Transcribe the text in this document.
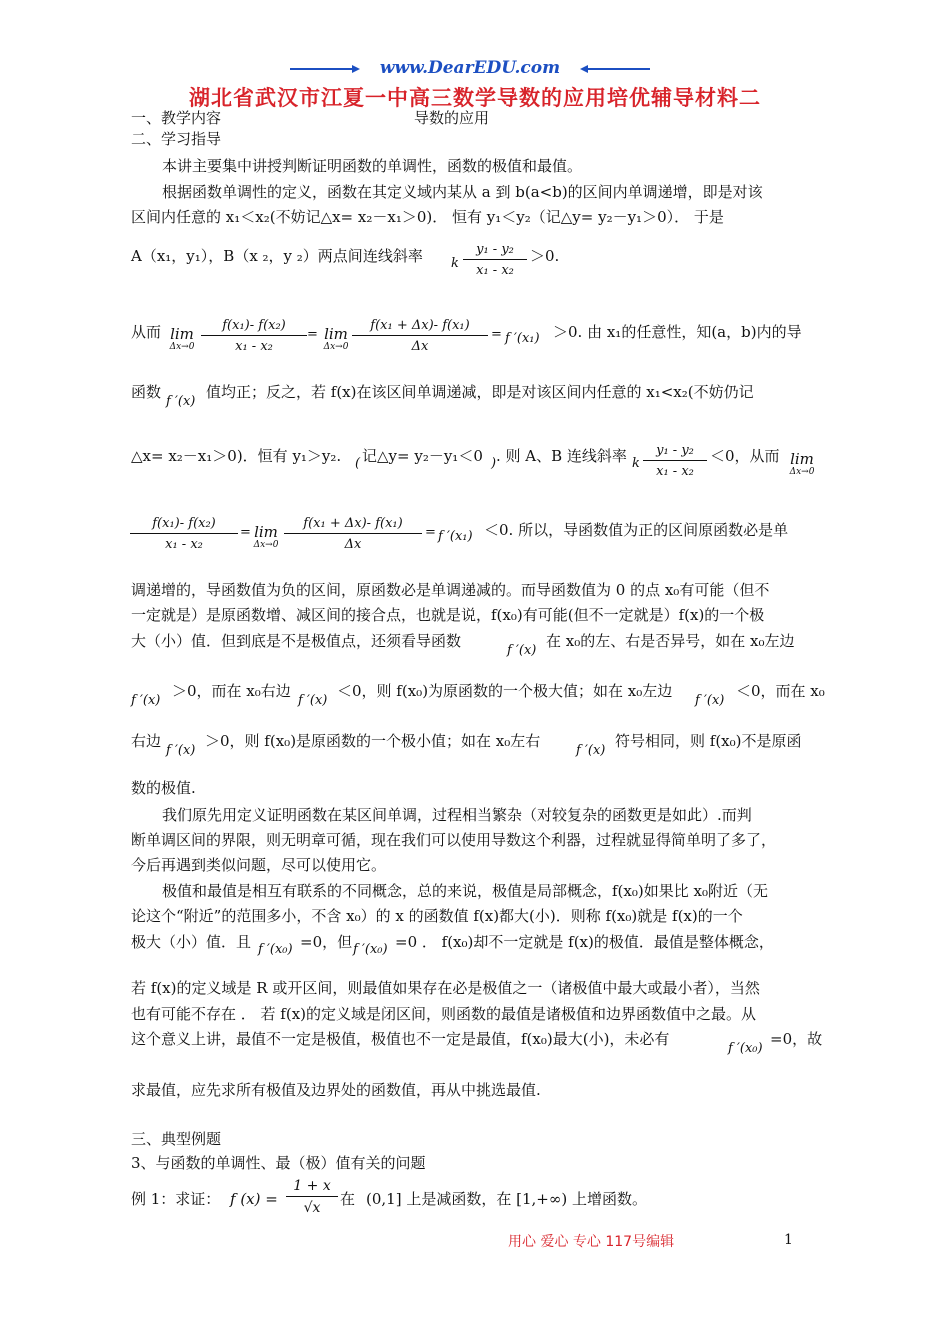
www.DearEDU.com
湖北省武汉市江夏一中高三数学导数的应用培优辅导材料二
一、教学内容	导数的应用
二、学习指导
本讲主要集中讲授判断证明函数的单调性，函数的极值和最值。
根据函数单调性的定义，函数在其定义域内某从 a 到 b(a<b)的区间内单调递增，即是对该
区间内任意的 x₁＜x₂(不妨记△x= x₂－x₁＞0)． 恒有 y₁＜y₂（记△y= y₂－y₁＞0）． 于是
A（x₁，y₁），B（x ₂，y ₂）两点间连线斜率 k $\frac{\text{y₁ - y₂}}{\text{x₁ - x₂}} >0$.
从而 lim
$\Delta x\to 0 \frac{\text{f(x₁)- f(x₂)}}{\text{x₁ - x₂}} = \lim$
$\Delta x\to 0 \frac{\text{f(x₁ + Δx)- f(x₁)}}{\Delta x} = f$ ′(x₁) ＞0. 由 x₁的任意性，知(a，b)内的导
函数
f ′(x)
值均正；反之，若 f(x)在该区间单调递减，即是对该区间内任意的 x₁<x₂(不妨仍记
△x= x₂－x₁＞0)．恒有 y₁＞y₂. ( 记△y= y₂－y₁＜0 ) . 则 A、B 连线斜率 k $\frac{\text{y₁ - y₂}}{\text{x₁ - x₂}} <0$，从而 lim
Δx→0
$\frac{\text{f(x₁)- f(x₂)}}{\text{x₁ - x₂}} = \lim$
$\Delta x\to 0 \frac{\text{f(x₁ + Δx)- f(x₁)}}{\Delta x} = f$ ′(x₁) ＜0. 所以，导函数值为正的区间原函数必是单
调递增的，导函数值为负的区间，原函数必是单调递减的。而导函数值为 0 的点 x₀有可能（但不
一定就是）是原函数增、减区间的接合点，也就是说，f(x₀)有可能(但不一定就是）f(x)的一个极
大（小）值．但到底是不是极值点，还须看导函数
f ′(x)
在 x₀的左、右是否异号，如在 x₀左边
f ′(x)
＞0，而在 x₀右边
f ′(x)
＜0，则 f(x₀)为原函数的一个极大值；如在 x₀左边
f ′(x)
＜0，而在 x₀
右边
f ′(x)
＞0，则 f(x₀)是原函数的一个极小值；如在 x₀左右
f ′(x)
符号相同，则 f(x₀)不是原函
数的极值.
我们原先用定义证明函数在某区间单调，过程相当繁杂（对较复杂的函数更是如此）.而判
断单调区间的界限，则无明章可循，现在我们可以使用导数这个利器，过程就显得简单明了多了，
今后再遇到类似问题，尽可以使用它。
极值和最值是相互有联系的不同概念，总的来说，极值是局部概念，f(x₀)如果比 x₀附近（无
论这个“附近”的范围多小，不含 x₀）的 x 的函数值 f(x)都大(小)．则称 f(x₀)就是 f(x)的一个
极大（小）值．且 f ′(x₀) =0，但 f ′(x₀) =0 ． f(x₀)却不一定就是 f(x)的极值．最值是整体概念，
若 f(x)的定义域是 R 或开区间，则最值如果存在必是极值之一（诸极值中最大或最小者），当然
也有可能不存在 ． 若 f(x)的定义域是闭区间，则函数的最值是诸极值和边界函数值中之最。从
这个意义上讲，最值不一定是极值，极值也不一定是最值，f(x₀)最大(小)，未必有
f ′(x₀)
=0，故
求最值，应先求所有极值及边界处的函数值，再从中挑选最值.
三、典型例题
3、与函数的单调性、最（极）值有关的问题
例 1：求证： f $(x) = \frac{1 + x}{√x}$ 在 (0,1] 上是减函数，在 [1,+∞) 上增函数。
用心 爱心 专心 117号编辑	1
